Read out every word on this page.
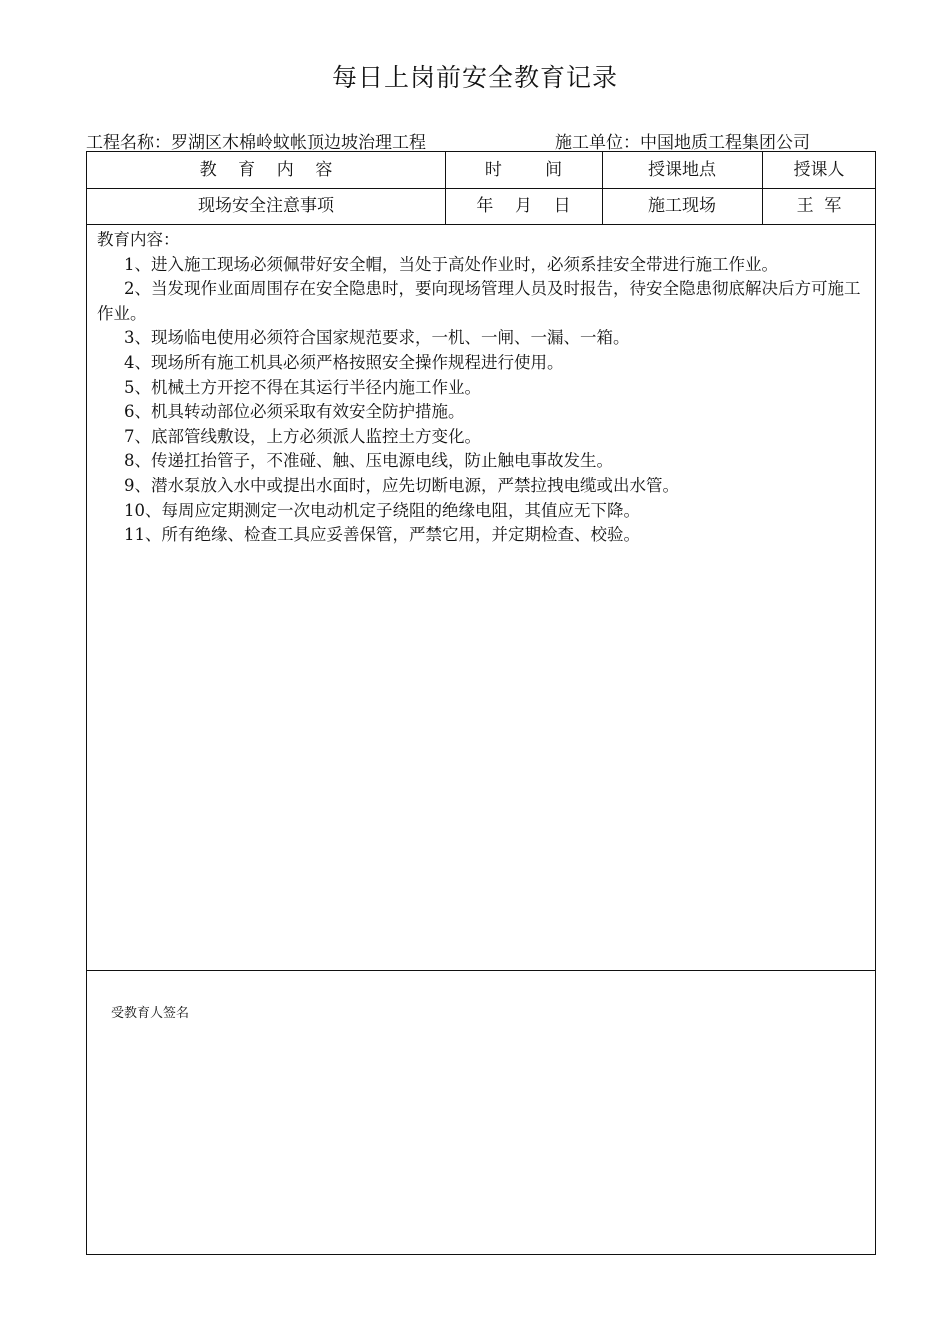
每日上岗前安全教育记录
工程名称：罗湖区木棉岭蚊帐顶边坡治理工程	施工单位：中国地质工程集团公司
教    育    内    容	时        间	授课地点	授课人
现场安全注意事项	年    月    日	施工现场	王  军
教育内容：
1、进入施工现场必须佩带好安全帽，当处于高处作业时，必须系挂安全带进行施工作业。
2、当发现作业面周围存在安全隐患时，要向现场管理人员及时报告，待安全隐患彻底解决后方可施工作业。
3、现场临电使用必须符合国家规范要求，一机、一闸、一漏、一箱。
4、现场所有施工机具必须严格按照安全操作规程进行使用。
5、机械土方开挖不得在其运行半径内施工作业。
6、机具转动部位必须采取有效安全防护措施。
7、底部管线敷设，上方必须派人监控土方变化。
8、传递扛抬管子，不准碰、触、压电源电线，防止触电事故发生。
9、潜水泵放入水中或提出水面时，应先切断电源，严禁拉拽电缆或出水管。
10、每周应定期测定一次电动机定子绕阻的绝缘电阻，其值应无下降。
11、所有绝缘、检查工具应妥善保管，严禁它用，并定期检查、校验。
受教育人签名
